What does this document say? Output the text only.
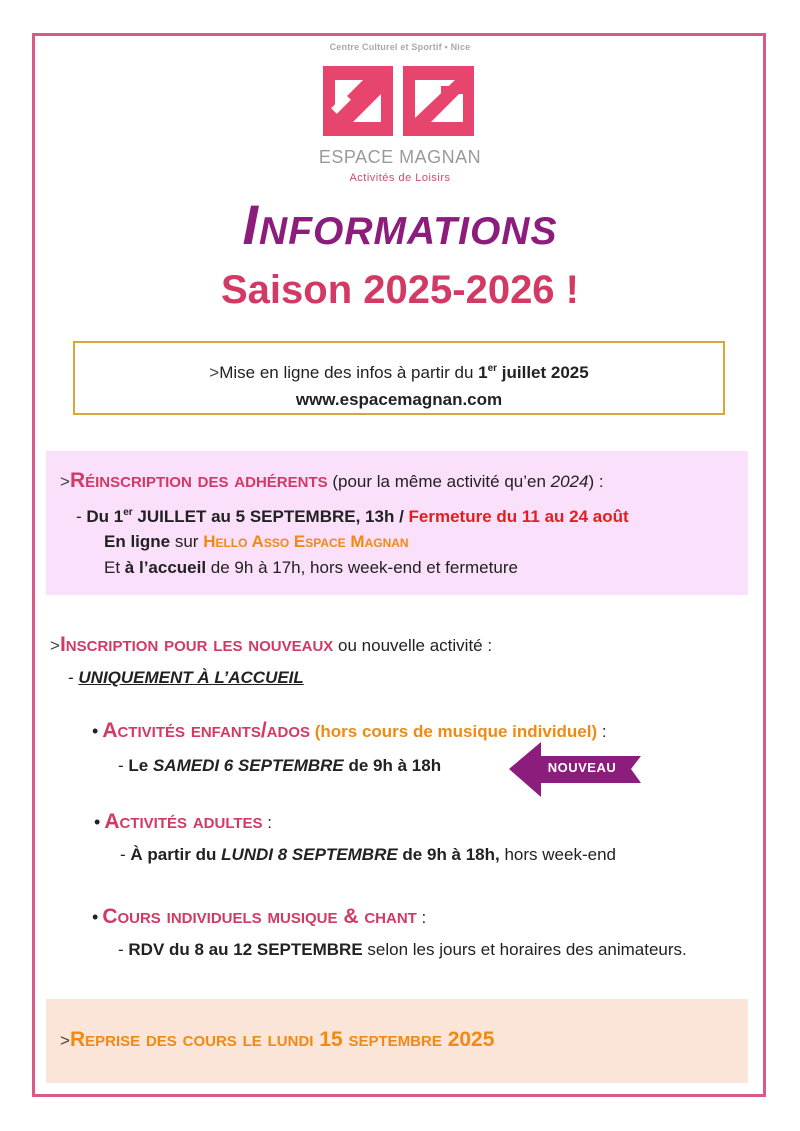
Centre Culturel et Sportif • Nice
ESPACE MAGNAN
Activités de Loisirs
Informations
Saison 2025-2026 !
>Mise en ligne des infos à partir du 1er juillet 2025
www.espacemagnan.com
>Réinscription des adhérents (pour la même activité qu’en 2024) :
- Du 1er JUILLET au 5 SEPTEMBRE, 13h / Fermeture du 11 au 24 août
En ligne sur Hello Asso Espace Magnan
Et à l’accueil de 9h à 17h, hors week-end et fermeture
>Inscription pour les nouveaux ou nouvelle activité :
- UNIQUEMENT À L’ACCUEIL
• Activités enfants/ados (hors cours de musique individuel) :
- Le SAMEDI 6 SEPTEMBRE de 9h à 18h	NOUVEAU
• Activités adultes :
- À partir du LUNDI 8 SEPTEMBRE de 9h à 18h, hors week-end
• Cours individuels musique & chant :
- RDV du 8 au 12 SEPTEMBRE selon les jours et horaires des animateurs.
>Reprise des cours le lundi 15 septembre 2025
